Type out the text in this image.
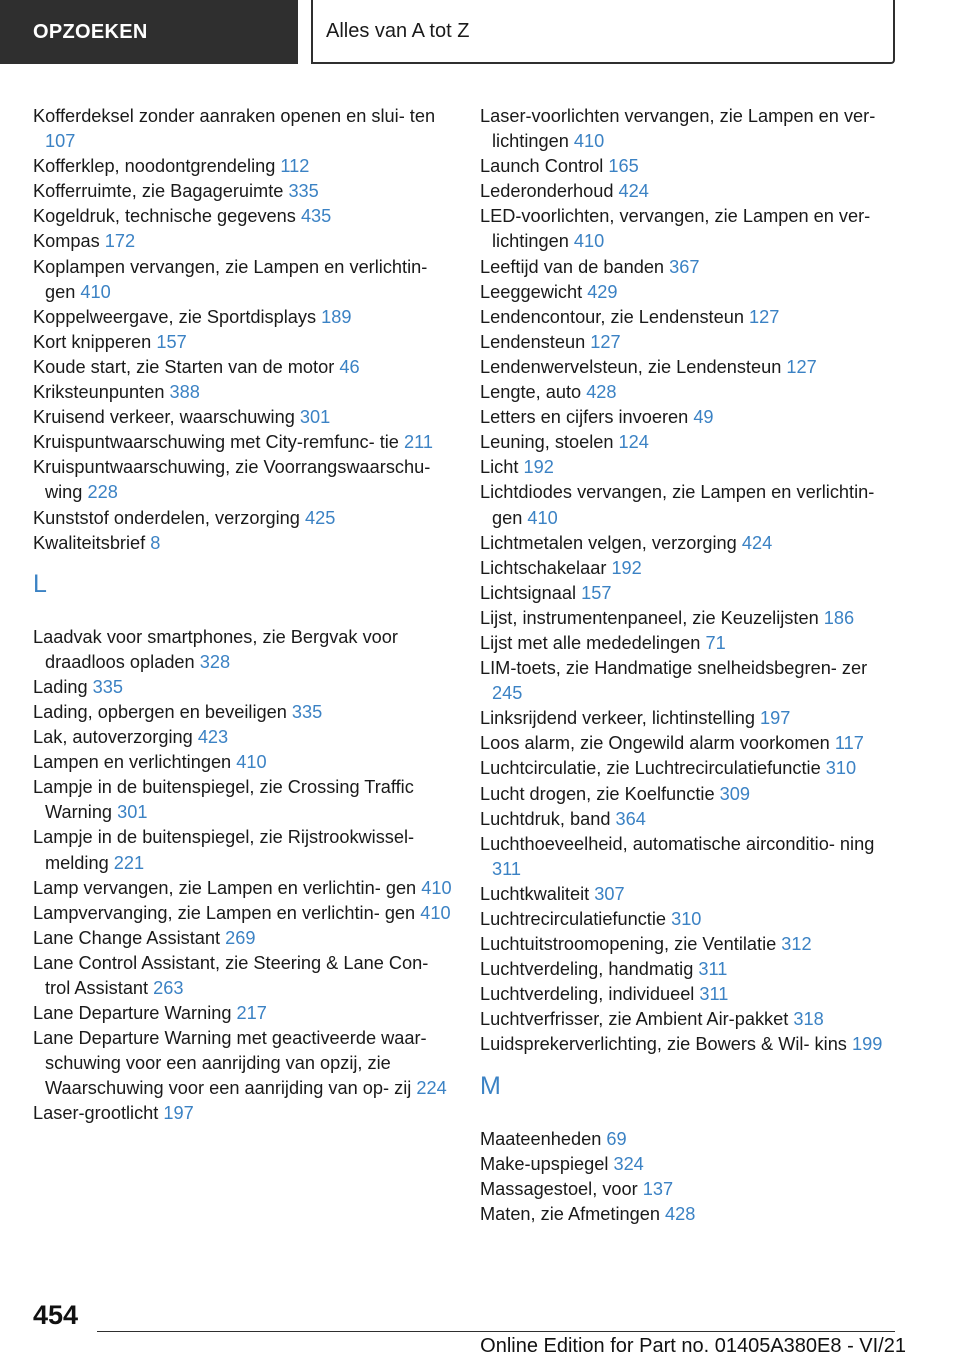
OPZOEKEN	Alles van A tot Z
Kofferdeksel zonder aanraken openen en slui‐ ten 107
Kofferklep, noodontgrendeling 112
Kofferruimte, zie Bagageruimte 335
Kogeldruk, technische gegevens 435
Kompas 172
Koplampen vervangen, zie Lampen en verlichtin‐ gen 410
Koppelweergave, zie Sportdisplays 189
Kort knipperen 157
Koude start, zie Starten van de motor 46
Kriksteunpunten 388
Kruisend verkeer, waarschuwing 301
Kruispuntwaarschuwing met City-remfunc‐ tie 211
Kruispuntwaarschuwing, zie Voorrangswaarschu‐ wing 228
Kunststof onderdelen, verzorging 425
Kwaliteitsbrief 8
L
Laadvak voor smartphones, zie Bergvak voor draadloos opladen 328
Lading 335
Lading, opbergen en beveiligen 335
Lak, autoverzorging 423
Lampen en verlichtingen 410
Lampje in de buitenspiegel, zie Crossing Traffic Warning 301
Lampje in de buitenspiegel, zie Rijstrookwissel‐ melding 221
Lamp vervangen, zie Lampen en verlichtin‐ gen 410
Lampvervanging, zie Lampen en verlichtin‐ gen 410
Lane Change Assistant 269
Lane Control Assistant, zie Steering & Lane Con‐ trol Assistant 263
Lane Departure Warning 217
Lane Departure Warning met geactiveerde waar‐ schuwing voor een aanrijding van opzij, zie Waarschuwing voor een aanrijding van op‐ zij 224
Laser-grootlicht 197
Laser-voorlichten vervangen, zie Lampen en ver‐ lichtingen 410
Launch Control 165
Lederonderhoud 424
LED-voorlichten, vervangen, zie Lampen en ver‐ lichtingen 410
Leeftijd van de banden 367
Leeggewicht 429
Lendencontour, zie Lendensteun 127
Lendensteun 127
Lendenwervelsteun, zie Lendensteun 127
Lengte, auto 428
Letters en cijfers invoeren 49
Leuning, stoelen 124
Licht 192
Lichtdiodes vervangen, zie Lampen en verlichtin‐ gen 410
Lichtmetalen velgen, verzorging 424
Lichtschakelaar 192
Lichtsignaal 157
Lijst, instrumentenpaneel, zie Keuzelijsten 186
Lijst met alle mededelingen 71
LIM-toets, zie Handmatige snelheidsbegren‐ zer 245
Linksrijdend verkeer, lichtinstelling 197
Loos alarm, zie Ongewild alarm voorkomen 117
Luchtcirculatie, zie Luchtrecirculatiefunctie 310
Lucht drogen, zie Koelfunctie 309
Luchtdruk, band 364
Luchthoeveelheid, automatische airconditio‐ ning 311
Luchtkwaliteit 307
Luchtrecirculatiefunctie 310
Luchtuitstroomopening, zie Ventilatie 312
Luchtverdeling, handmatig 311
Luchtverdeling, individueel 311
Luchtverfrisser, zie Ambient Air-pakket 318
Luidsprekerverlichting, zie Bowers & Wil‐ kins 199
M
Maateenheden 69
Make-upspiegel 324
Massagestoel, voor 137
Maten, zie Afmetingen 428
454
Online Edition for Part no. 01405A380E8 - VI/21
